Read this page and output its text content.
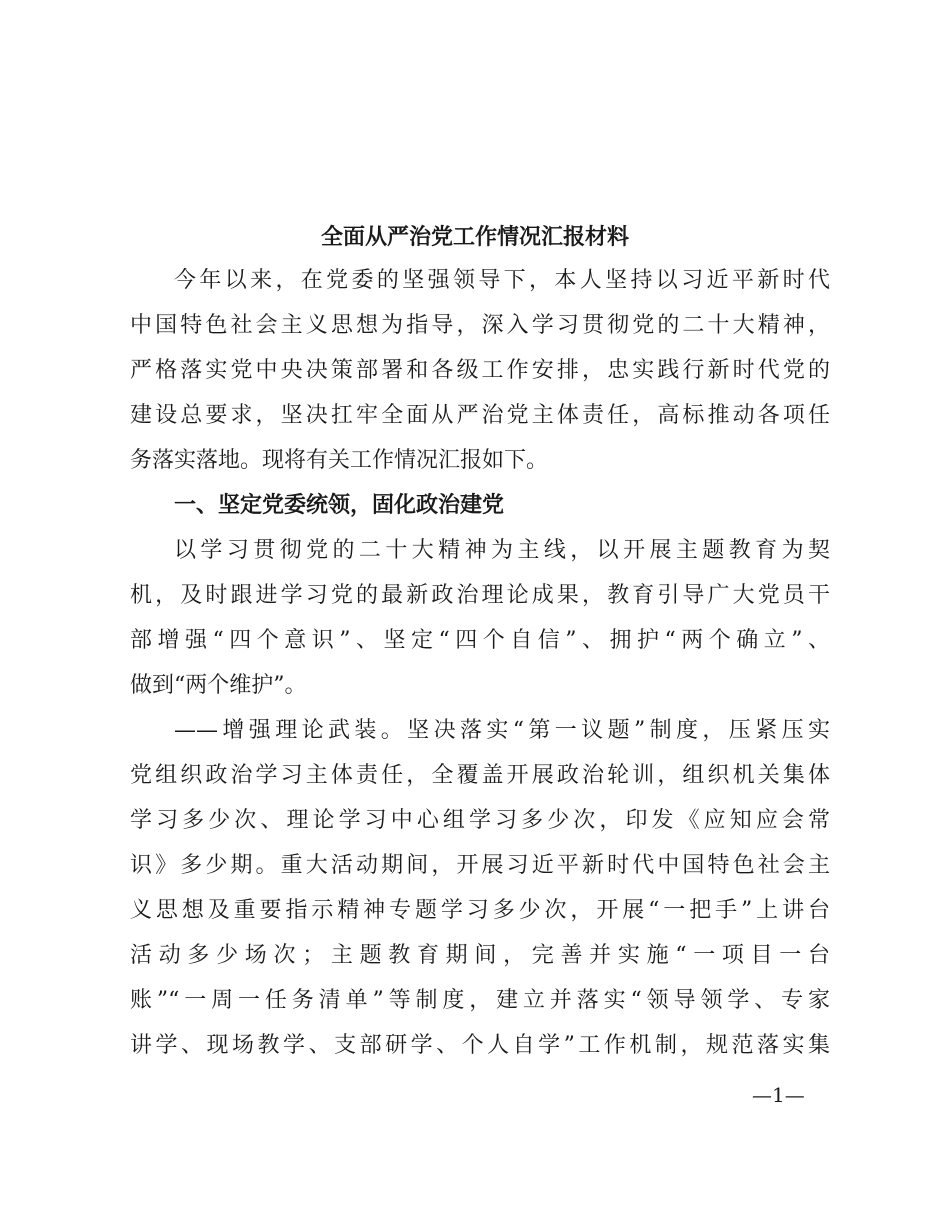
全面从严治党工作情况汇报材料
今年以来，在党委的坚强领导下，本人坚持以习近平新时代
中国特色社会主义思想为指导，深入学习贯彻党的二十大精神，
严格落实党中央决策部署和各级工作安排，忠实践行新时代党的
建设总要求，坚决扛牢全面从严治党主体责任，高标推动各项任
务落实落地。现将有关工作情况汇报如下。
一、坚定党委统领，固化政治建党
以学习贯彻党的二十大精神为主线，以开展主题教育为契
机，及时跟进学习党的最新政治理论成果，教育引导广大党员干
部增强“四个意识”、坚定“四个自信”、拥护“两个确立”、
做到“两个维护”。
——增强理论武装。坚决落实“第一议题”制度，压紧压实
党组织政治学习主体责任，全覆盖开展政治轮训，组织机关集体
学习多少次、理论学习中心组学习多少次，印发《应知应会常
识》多少期。重大活动期间，开展习近平新时代中国特色社会主
义思想及重要指示精神专题学习多少次，开展“一把手”上讲台
活动多少场次；主题教育期间，完善并实施“一项目一台
账”“一周一任务清单”等制度，建立并落实“领导领学、专家
讲学、现场教学、支部研学、个人自学”工作机制，规范落实集
—1—
